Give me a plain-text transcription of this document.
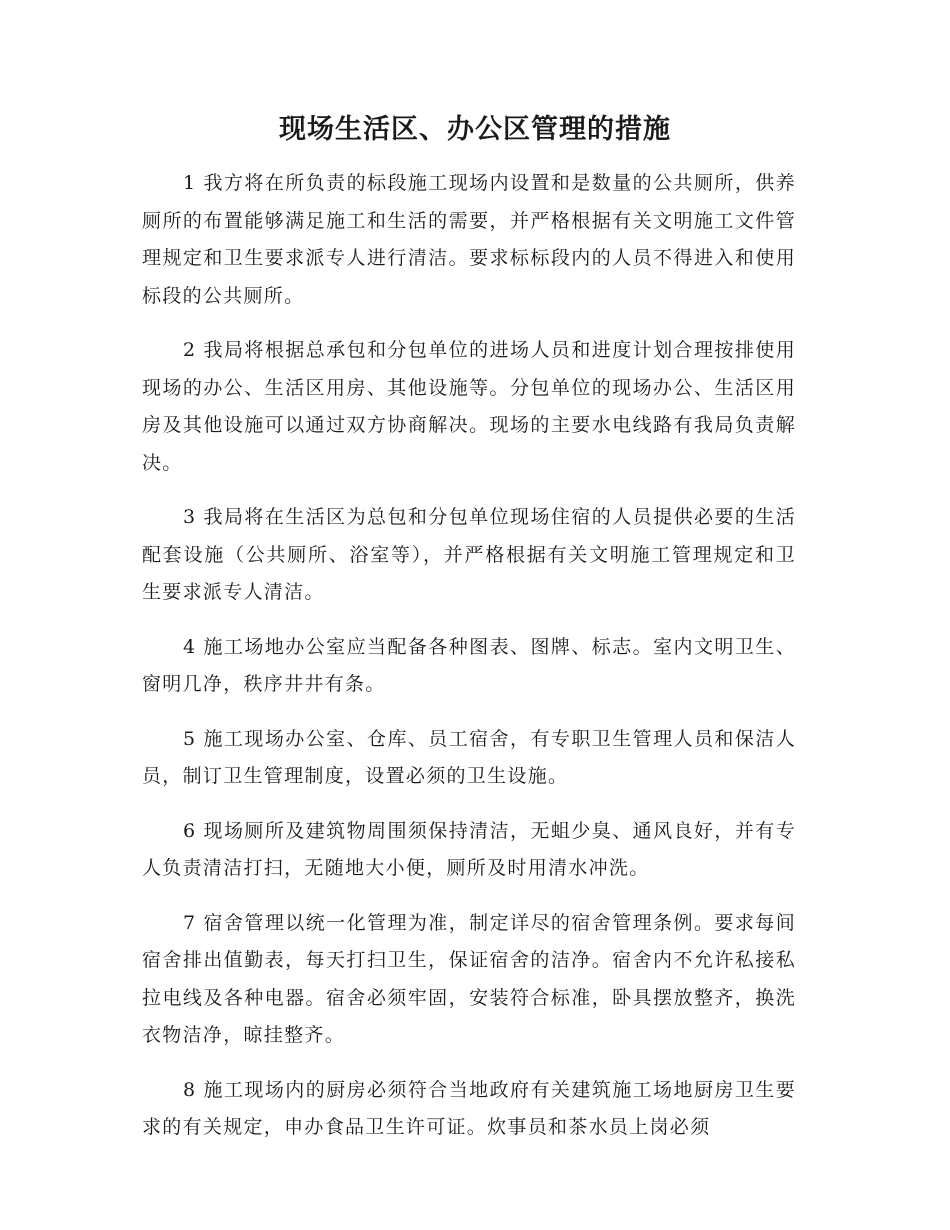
现场生活区、办公区管理的措施

1 我方将在所负责的标段施工现场内设置和是数量的公共厕所，供养厕所的布置能够满足施工和生活的需要，并严格根据有关文明施工文件管理规定和卫生要求派专人进行清洁。要求标标段内的人员不得进入和使用标段的公共厕所。

2 我局将根据总承包和分包单位的进场人员和进度计划合理按排使用现场的办公、生活区用房、其他设施等。分包单位的现场办公、生活区用房及其他设施可以通过双方协商解决。现场的主要水电线路有我局负责解决。

3 我局将在生活区为总包和分包单位现场住宿的人员提供必要的生活配套设施（公共厕所、浴室等），并严格根据有关文明施工管理规定和卫生要求派专人清洁。

4 施工场地办公室应当配备各种图表、图牌、标志。室内文明卫生、窗明几净，秩序井井有条。

5 施工现场办公室、仓库、员工宿舍，有专职卫生管理人员和保洁人员，制订卫生管理制度，设置必须的卫生设施。

6 现场厕所及建筑物周围须保持清洁，无蛆少臭、通风良好，并有专人负责清洁打扫，无随地大小便，厕所及时用清水冲洗。

7 宿舍管理以统一化管理为准，制定详尽的宿舍管理条例。要求每间宿舍排出值勤表，每天打扫卫生，保证宿舍的洁净。宿舍内不允许私接私拉电线及各种电器。宿舍必须牢固，安装符合标准，卧具摆放整齐，换洗衣物洁净，晾挂整齐。

8 施工现场内的厨房必须符合当地政府有关建筑施工场地厨房卫生要求的有关规定，申办食品卫生许可证。炊事员和茶水员上岗必须
